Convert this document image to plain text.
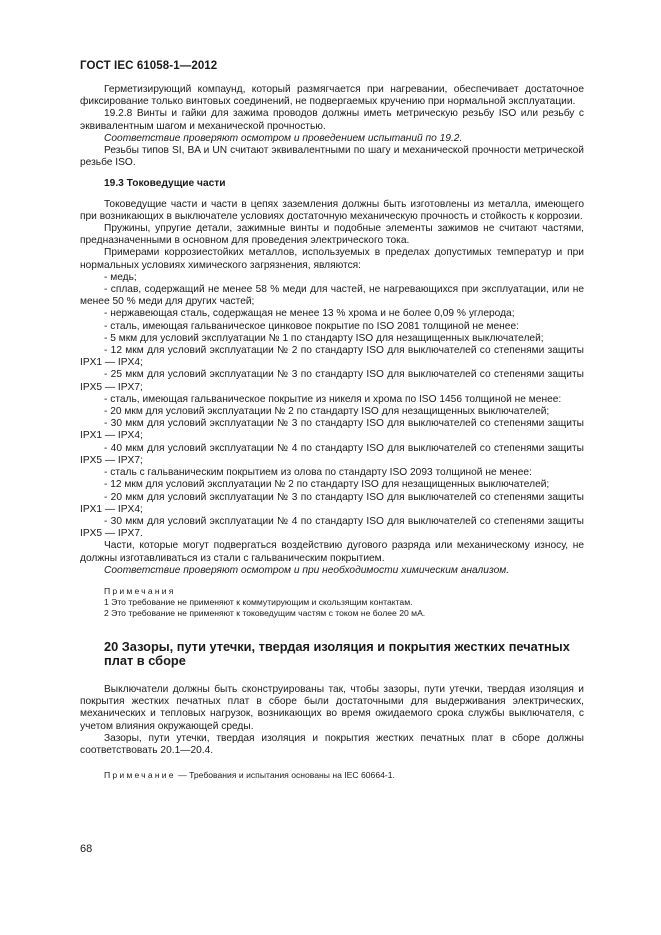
ГОСТ IEC 61058-1—2012

Герметизирующий компаунд, который размягчается при нагревании, обеспечивает достаточное фиксирование только винтовых соединений, не подвергаемых кручению при нормальной эксплуатации.

19.2.8 Винты и гайки для зажима проводов должны иметь метрическую резьбу ISO или резьбу с эквивалентным шагом и механической прочностью.

Соответствие проверяют осмотром и проведением испытаний по 19.2.

Резьбы типов SI, BA и UN считают эквивалентными по шагу и механической прочности метрической резьбе ISO.

19.3 Токоведущие части

Токоведущие части и части в цепях заземления должны быть изготовлены из металла, имеющего при возникающих в выключателе условиях достаточную механическую прочность и стойкость к коррозии.

Пружины, упругие детали, зажимные винты и подобные элементы зажимов не считают частями, предназначенными в основном для проведения электрического тока.

Примерами коррозиестойких металлов, используемых в пределах допустимых температур и при нормальных условиях химического загрязнения, являются:

- медь;

- сплав, содержащий не менее 58 % меди для частей, не нагревающихся при эксплуатации, или не менее 50 % меди для других частей;

- нержавеющая сталь, содержащая не менее 13 % хрома и не более 0,09 % углерода;

- сталь, имеющая гальваническое цинковое покрытие по ISO 2081 толщиной не менее:

- 5 мкм для условий эксплуатации № 1 по стандарту ISO для незащищенных выключателей;

- 12 мкм для условий эксплуатации № 2 по стандарту ISO для выключателей со степенями защиты IPX1 — IPX4;

- 25 мкм для условий эксплуатации № 3 по стандарту ISO для выключателей со степенями защиты IPX5 — IPX7;

- сталь, имеющая гальваническое покрытие из никеля и хрома по ISO 1456 толщиной не менее:

- 20 мкм для условий эксплуатации № 2 по стандарту ISO для незащищенных выключателей;

- 30 мкм для условий эксплуатации № 3 по стандарту ISO для выключателей со степенями защиты IPX1 — IPX4;

- 40 мкм для условий эксплуатации № 4 по стандарту ISO для выключателей со степенями защиты IPX5 — IPX7;

- сталь с гальваническим покрытием из олова по стандарту ISO 2093 толщиной не менее:

- 12 мкм для условий эксплуатации № 2 по стандарту ISO для незащищенных выключателей;

- 20 мкм для условий эксплуатации № 3 по стандарту ISO для выключателей со степенями защиты IPX1 — IPX4;

- 30 мкм для условий эксплуатации № 4 по стандарту ISO для выключателей со степенями защиты IPX5 — IPX7.

Части, которые могут подвергаться воздействию дугового разряда или механическому износу, не должны изготавливаться из стали с гальваническим покрытием.

Соответствие проверяют осмотром и при необходимости химическим анализом.

Примечания
1 Это требование не применяют к коммутирующим и скользящим контактам.
2 Это требование не применяют к токоведущим частям с током не более 20 мА.
20 Зазоры, пути утечки, твердая изоляция и покрытия жестких печатных плат в сборе

Выключатели должны быть сконструированы так, чтобы зазоры, пути утечки, твердая изоляция и покрытия жестких печатных плат в сборе были достаточными для выдерживания электрических, механических и тепловых нагрузок, возникающих во время ожидаемого срока службы выключателя, с учетом влияния окружающей среды.

Зазоры, пути утечки, твердая изоляция и покрытия жестких печатных плат в сборе должны соответствовать 20.1—20.4.

Примечание — Требования и испытания основаны на IEC 60664-1.
68
